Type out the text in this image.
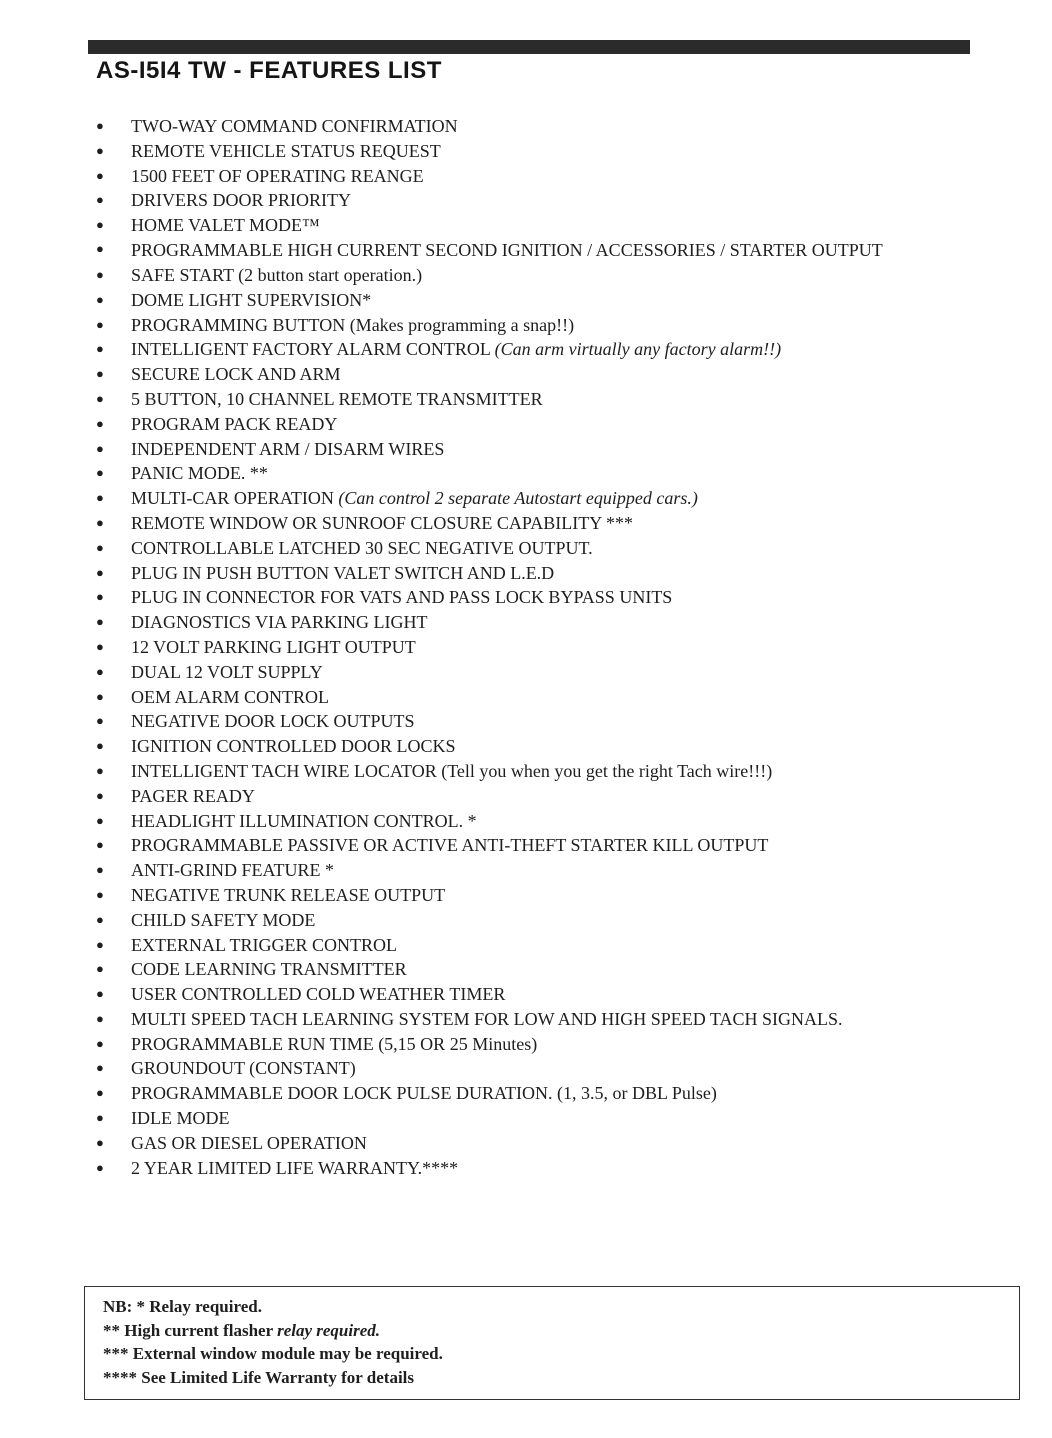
AS-I5I4 TW - FEATURES LIST
● TWO-WAY COMMAND CONFIRMATION
● REMOTE VEHICLE STATUS REQUEST
● 1500 FEET OF OPERATING REANGE
● DRIVERS DOOR PRIORITY
● HOME VALET MODE™
● PROGRAMMABLE HIGH CURRENT SECOND IGNITION / ACCESSORIES / STARTER OUTPUT
● SAFE START (2 button start operation.)
● DOME LIGHT SUPERVISION*
● PROGRAMMING BUTTON (Makes programming a snap!!)
● INTELLIGENT FACTORY ALARM CONTROL (Can arm virtually any factory alarm!!)
● SECURE LOCK AND ARM
● 5 BUTTON, 10 CHANNEL REMOTE TRANSMITTER
● PROGRAM PACK READY
● INDEPENDENT ARM / DISARM WIRES
● PANIC MODE. **
● MULTI-CAR OPERATION (Can control 2 separate Autostart equipped cars.)
● REMOTE WINDOW OR SUNROOF CLOSURE CAPABILITY ***
● CONTROLLABLE LATCHED 30 SEC NEGATIVE OUTPUT.
● PLUG IN PUSH BUTTON VALET SWITCH AND L.E.D
● PLUG IN CONNECTOR FOR VATS AND PASS LOCK BYPASS UNITS
● DIAGNOSTICS VIA PARKING LIGHT
● 12 VOLT PARKING LIGHT OUTPUT
● DUAL 12 VOLT SUPPLY
● OEM ALARM CONTROL
● NEGATIVE DOOR LOCK OUTPUTS
● IGNITION CONTROLLED DOOR LOCKS
● INTELLIGENT TACH WIRE LOCATOR (Tell you when you get the right Tach wire!!!)
● PAGER READY
● HEADLIGHT ILLUMINATION CONTROL. *
● PROGRAMMABLE PASSIVE OR ACTIVE ANTI-THEFT STARTER KILL OUTPUT
● ANTI-GRIND FEATURE *
● NEGATIVE TRUNK RELEASE OUTPUT
● CHILD SAFETY MODE
● EXTERNAL TRIGGER CONTROL
● CODE LEARNING TRANSMITTER
● USER CONTROLLED COLD WEATHER TIMER
● MULTI SPEED TACH LEARNING SYSTEM FOR LOW AND HIGH SPEED TACH SIGNALS.
● PROGRAMMABLE RUN TIME (5,15 OR 25 Minutes)
● GROUNDOUT (CONSTANT)
● PROGRAMMABLE DOOR LOCK PULSE DURATION. (1, 3.5, or DBL Pulse)
● IDLE MODE
● GAS OR DIESEL OPERATION
● 2 YEAR LIMITED LIFE WARRANTY.****
NB: * Relay required.
** High current flasher relay required.
*** External window module may be required.
**** See Limited Life Warranty for details
